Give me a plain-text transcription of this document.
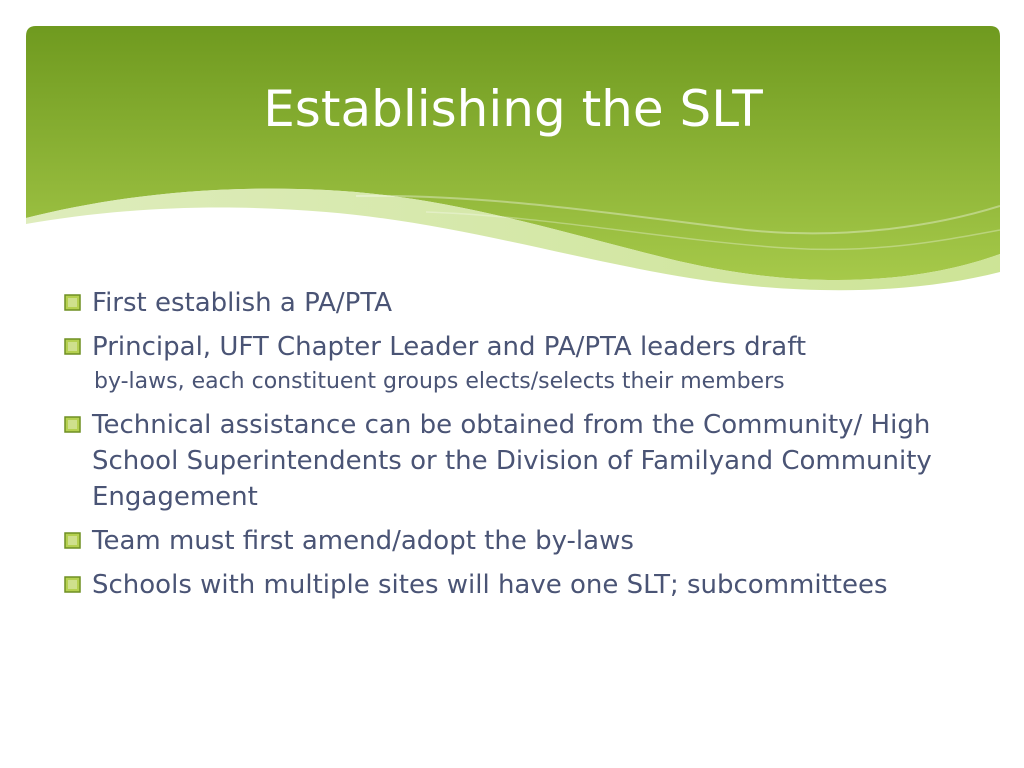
Establishing the SLT
First establish a PA/PTA
Principal, UFT Chapter Leader and PA/PTA leaders draft
by-laws, each constituent groups elects/selects their members
Technical assistance can be obtained from the Community/ High School Superintendents or the Division of Familyand Community Engagement
Team must first amend/adopt the by-laws
Schools with multiple sites will have one SLT; subcommittees
